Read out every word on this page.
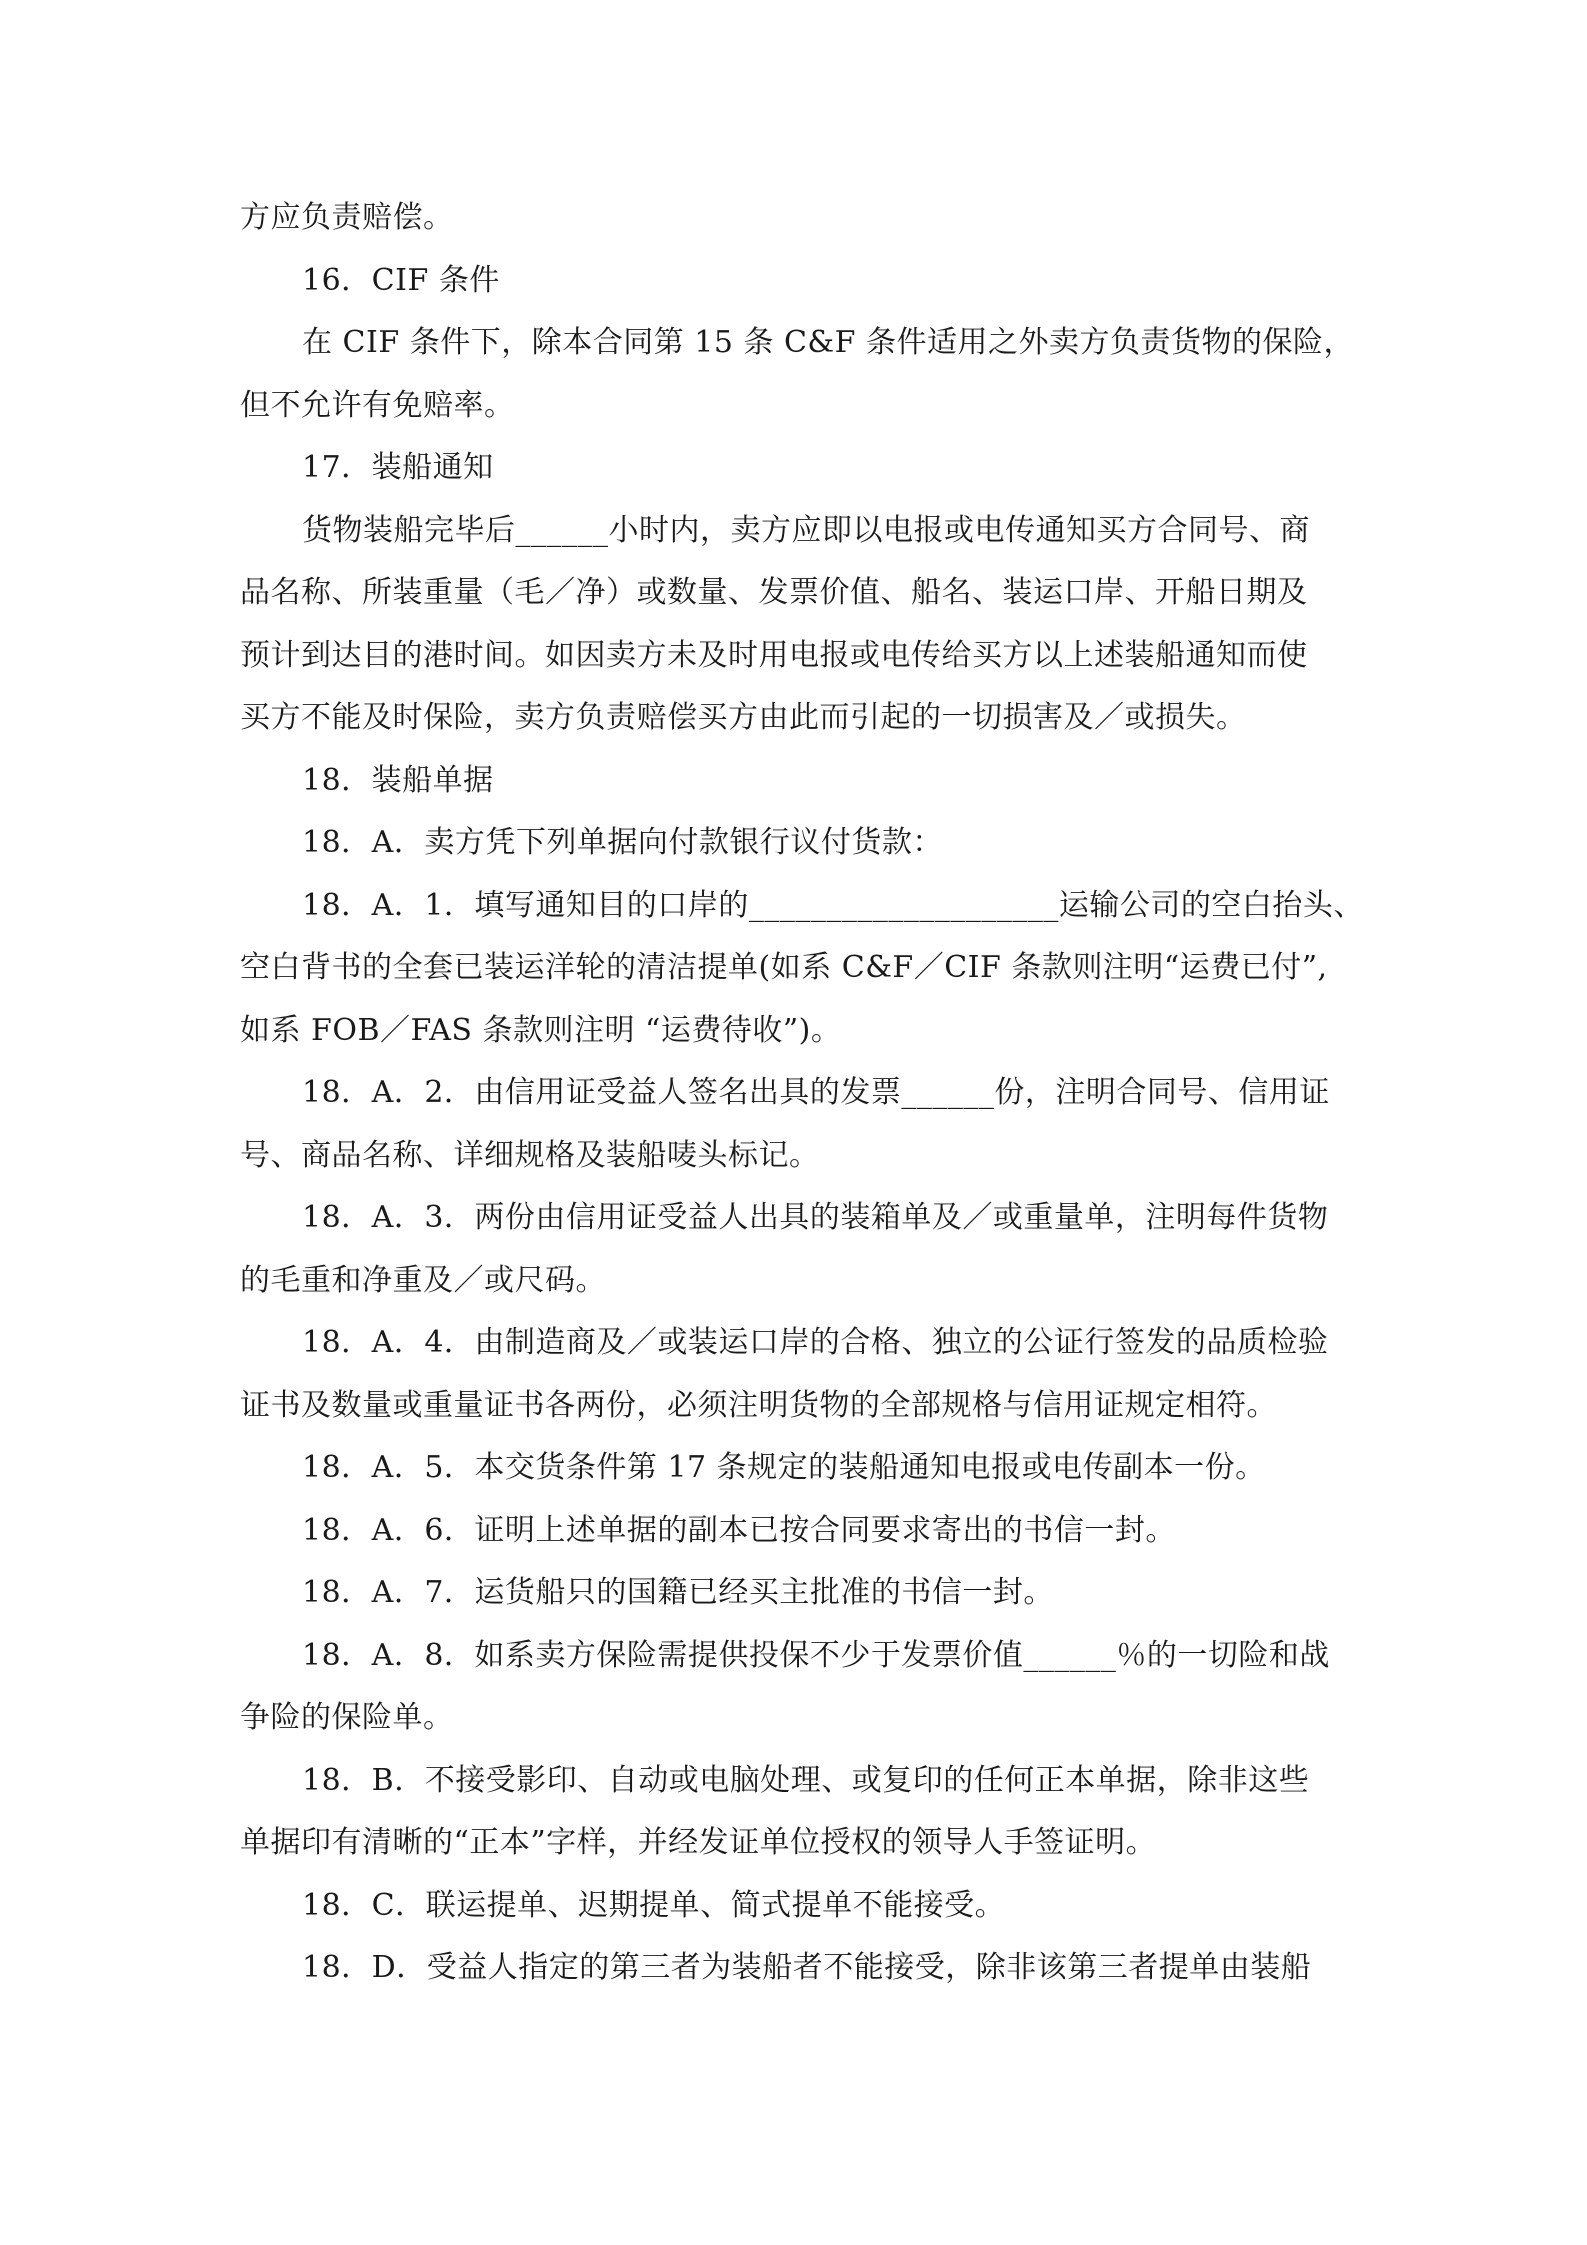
方应负责赔偿。
16．CIF 条件
在 CIF 条件下，除本合同第 15 条 C&F 条件适用之外卖方负责货物的保险，
但不允许有免赔率。
17．装船通知
货物装船完毕后______小时内，卖方应即以电报或电传通知买方合同号、商
品名称、所装重量（毛／净）或数量、发票价值、船名、装运口岸、开船日期及
预计到达目的港时间。如因卖方未及时用电报或电传给买方以上述装船通知而使
买方不能及时保险，卖方负责赔偿买方由此而引起的一切损害及／或损失。
18．装船单据
18．A．卖方凭下列单据向付款银行议付货款：
18．A．1．填写通知目的口岸的____________________运输公司的空白抬头、
空白背书的全套已装运洋轮的清洁提单(如系 C&F／CIF 条款则注明“运费已付”,
如系 FOB／FAS 条款则注明 “运费待收”)。
18．A．2．由信用证受益人签名出具的发票______份，注明合同号、信用证
号、商品名称、详细规格及装船唛头标记。
18．A．3．两份由信用证受益人出具的装箱单及／或重量单，注明每件货物
的毛重和净重及／或尺码。
18．A．4．由制造商及／或装运口岸的合格、独立的公证行签发的品质检验
证书及数量或重量证书各两份，必须注明货物的全部规格与信用证规定相符。
18．A．5．本交货条件第 17 条规定的装船通知电报或电传副本一份。
18．A．6．证明上述单据的副本已按合同要求寄出的书信一封。
18．A．7．运货船只的国籍已经买主批准的书信一封。
18．A．8．如系卖方保险需提供投保不少于发票价值______％的一切险和战
争险的保险单。
18．B．不接受影印、自动或电脑处理、或复印的任何正本单据，除非这些
单据印有清晰的“正本”字样，并经发证单位授权的领导人手签证明。
18．C．联运提单、迟期提单、简式提单不能接受。
18．D．受益人指定的第三者为装船者不能接受，除非该第三者提单由装船
